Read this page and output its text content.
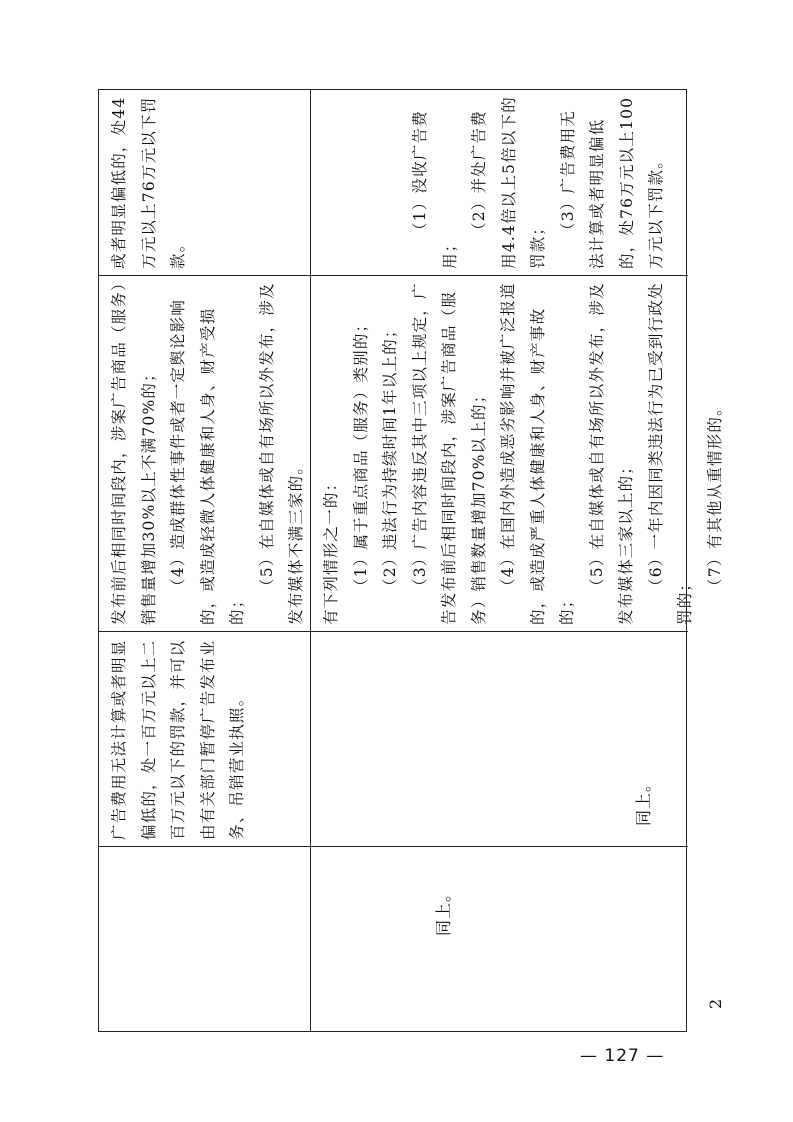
广告费用无法计算或者明显偏低的，处一百万元以上二百万元以下的罚款，并可以由有关部门暂停广告发布业务、吊销营业执照。

发布前后相同时间段内，涉案广告商品（服务）销售量增加30%以上不满70%的； （4）造成群体性事件或者一定舆论影响的，或造成轻微人体健康和人身、财产受损的；

（5）在自媒体或自有场所以外发布，涉及发布媒体不满三家的。

或者明显偏低的，处44万元以上76万元以下罚款。

2
同上。
同上。

有下列情形之一的： （1）属于重点商品（服务）类别的； （2）违法行为持续时间1年以上的； （3）广告内容违反其中三项以上规定，广告发布前后相同时间段内，涉案广告商品（服务）销售数量增加70%以上的； （4）在国内外造成恶劣影响并被广泛报道的，或造成严重人体健康和人身、财产事故的；

（5）在自媒体或自有场所以外发布，涉及发布媒体三家以上的； （6）一年内因同类违法行为已受到行政处罚的；

（7）有其他从重情形的。

（1）没收广告费用；

（2）并处广告费用4.4倍以上5倍以下的罚款；

（3）广告费用无法计算或者明显偏低的，处76万元以上100万元以下罚款。

— 127 —
